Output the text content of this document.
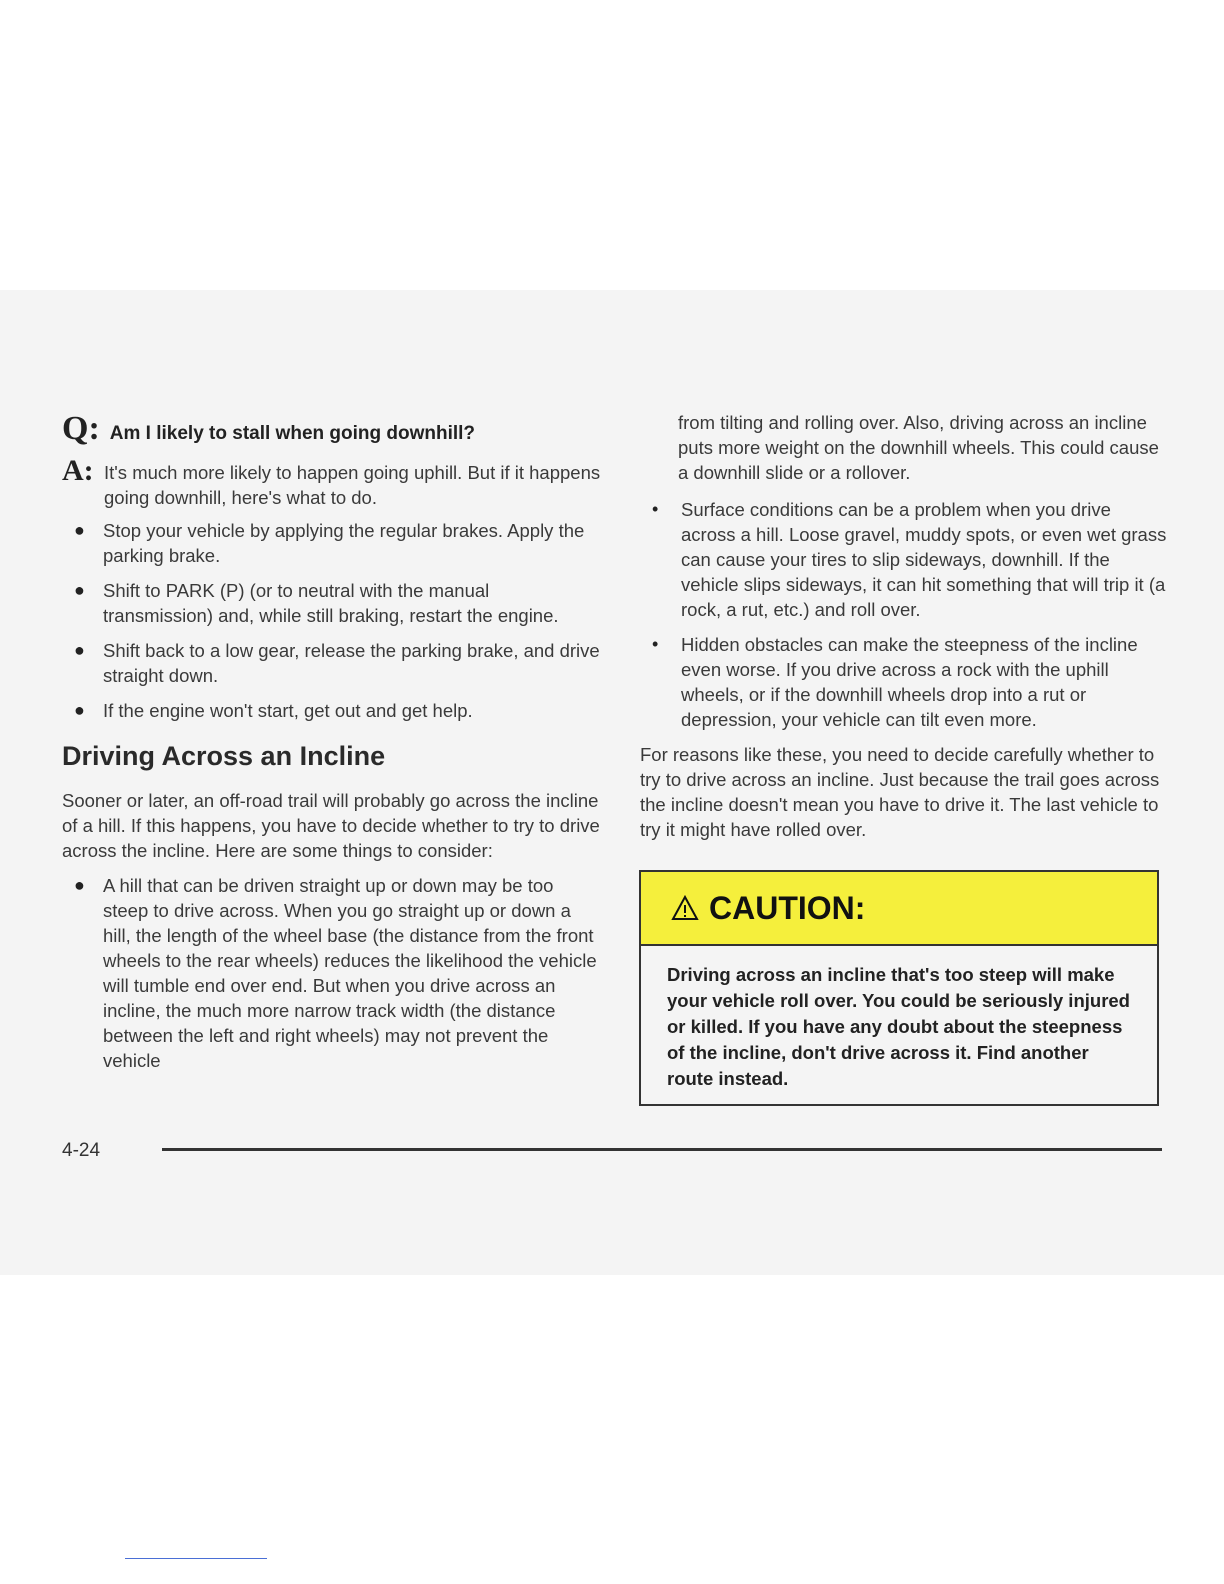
Q: Am I likely to stall when going downhill?
A: It's much more likely to happen going uphill. But if it happens going downhill, here's what to do.
● Stop your vehicle by applying the regular brakes. Apply the parking brake.
● Shift to PARK (P) (or to neutral with the manual transmission) and, while still braking, restart the engine.
● Shift back to a low gear, release the parking brake, and drive straight down.
● If the engine won't start, get out and get help.
Driving Across an Incline

Sooner or later, an off-road trail will probably go across the incline of a hill. If this happens, you have to decide whether to try to drive across the incline. Here are some things to consider:

● A hill that can be driven straight up or down may be too steep to drive across. When you go straight up or down a hill, the length of the wheel base (the distance from the front wheels to the rear wheels) reduces the likelihood the vehicle will tumble end over end. But when you drive across an incline, the much more narrow track width (the distance between the left and right wheels) may not prevent the vehicle
from tilting and rolling over. Also, driving across an incline puts more weight on the downhill wheels. This could cause a downhill slide or a rollover.
• Surface conditions can be a problem when you drive across a hill. Loose gravel, muddy spots, or even wet grass can cause your tires to slip sideways, downhill. If the vehicle slips sideways, it can hit something that will trip it (a rock, a rut, etc.) and roll over.
• Hidden obstacles can make the steepness of the incline even worse. If you drive across a rock with the uphill wheels, or if the downhill wheels drop into a rut or depression, your vehicle can tilt even more.

For reasons like these, you need to decide carefully whether to try to drive across an incline. Just because the trail goes across the incline doesn't mean you have to drive it. The last vehicle to try it might have rolled over.

CAUTION:
Driving across an incline that's too steep will make your vehicle roll over. You could be seriously injured or killed. If you have any doubt about the steepness of the incline, don't drive across it. Find another route instead.
4-24
